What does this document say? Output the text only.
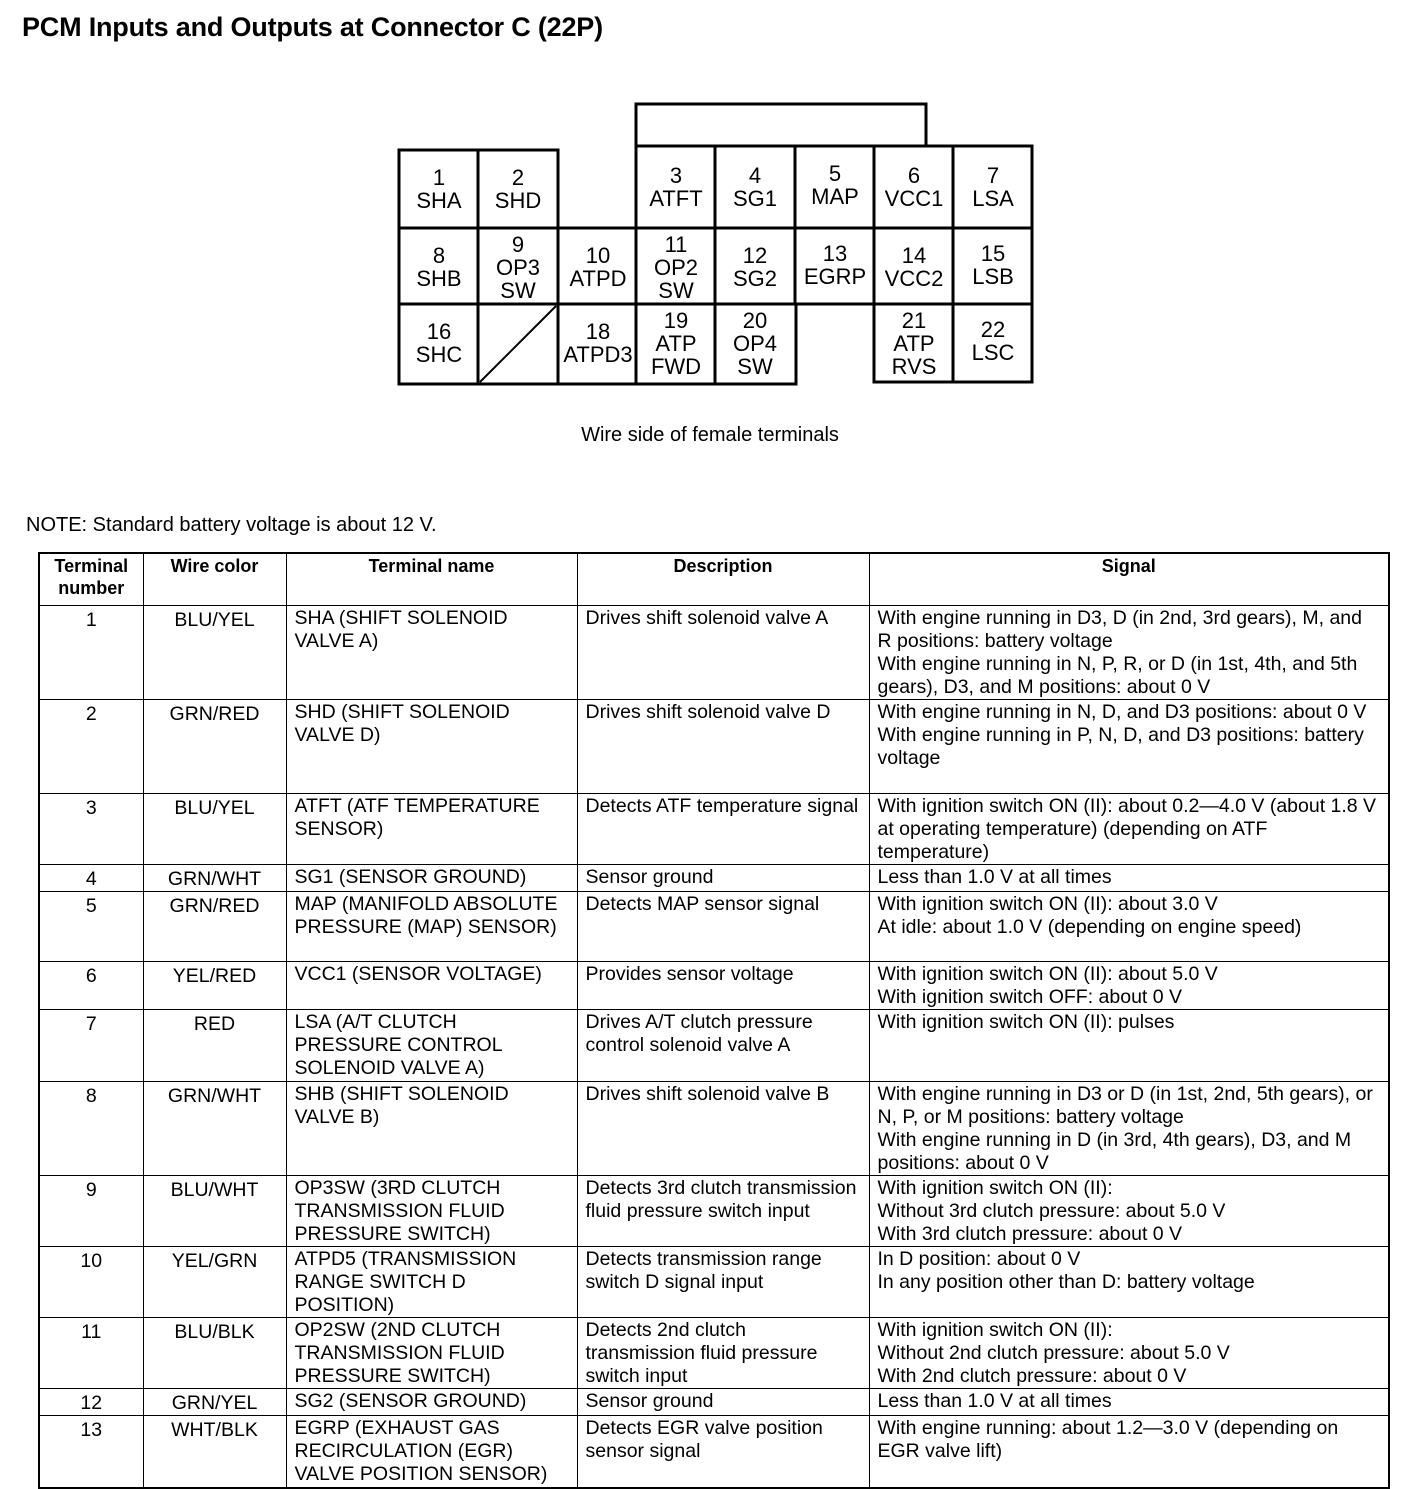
PCM Inputs and Outputs at Connector C (22P)
1
SHA
2
SHD
3
ATFT
4
SG1
5
MAP
6
VCC1
7
LSA
8
SHB
9
OP3
SW
10
ATPD
11
OP2
SW
12
SG2
13
EGRP
14
VCC2
15
LSB
16
SHC
18
ATPD3
19
ATP
FWD
20
OP4
SW
21
ATP
RVS
22
LSC
Wire side of female terminals
NOTE: Standard battery voltage is about 12 V.
Terminal
number	Wire color	Terminal name	Description	Signal
1	BLU/YEL	SHA (SHIFT SOLENOID VALVE A)	Drives shift solenoid valve A	With engine running in D3, D (in 2nd, 3rd gears), M, and R positions: battery voltage
With engine running in N, P, R, or D (in 1st, 4th, and 5th gears), D3, and M positions: about 0 V
2	GRN/RED	SHD (SHIFT SOLENOID VALVE D)	Drives shift solenoid valve D	With engine running in N, D, and D3 positions: about 0 V
With engine running in P, N, D, and D3 positions: battery voltage
3	BLU/YEL	ATFT (ATF TEMPERATURE SENSOR)	Detects ATF temperature signal	With ignition switch ON (II): about 0.2—4.0 V (about 1.8 V at operating temperature) (depending on ATF temperature)
4	GRN/WHT	SG1 (SENSOR GROUND)	Sensor ground	Less than 1.0 V at all times
5	GRN/RED	MAP (MANIFOLD ABSOLUTE PRESSURE (MAP) SENSOR)	Detects MAP sensor signal	With ignition switch ON (II): about 3.0 V
At idle: about 1.0 V (depending on engine speed)
6	YEL/RED	VCC1 (SENSOR VOLTAGE)	Provides sensor voltage	With ignition switch ON (II): about 5.0 V
With ignition switch OFF: about 0 V
7	RED	LSA (A/T CLUTCH PRESSURE CONTROL SOLENOID VALVE A)	Drives A/T clutch pressure control solenoid valve A	With ignition switch ON (II): pulses
8	GRN/WHT	SHB (SHIFT SOLENOID VALVE B)	Drives shift solenoid valve B	With engine running in D3 or D (in 1st, 2nd, 5th gears), or N, P, or M positions: battery voltage
With engine running in D (in 3rd, 4th gears), D3, and M positions: about 0 V
9	BLU/WHT	OP3SW (3RD CLUTCH TRANSMISSION FLUID PRESSURE SWITCH)	Detects 3rd clutch transmission fluid pressure switch input	With ignition switch ON (II):
Without 3rd clutch pressure: about 5.0 V
With 3rd clutch pressure: about 0 V
10	YEL/GRN	ATPD5 (TRANSMISSION RANGE SWITCH D POSITION)	Detects transmission range switch D signal input	In D position: about 0 V
In any position other than D: battery voltage
11	BLU/BLK	OP2SW (2ND CLUTCH TRANSMISSION FLUID PRESSURE SWITCH)	Detects 2nd clutch transmission fluid pressure switch input	With ignition switch ON (II):
Without 2nd clutch pressure: about 5.0 V
With 2nd clutch pressure: about 0 V
12	GRN/YEL	SG2 (SENSOR GROUND)	Sensor ground	Less than 1.0 V at all times
13	WHT/BLK	EGRP (EXHAUST GAS RECIRCULATION (EGR) VALVE POSITION SENSOR)	Detects EGR valve position sensor signal	With engine running: about 1.2—3.0 V (depending on EGR valve lift)
